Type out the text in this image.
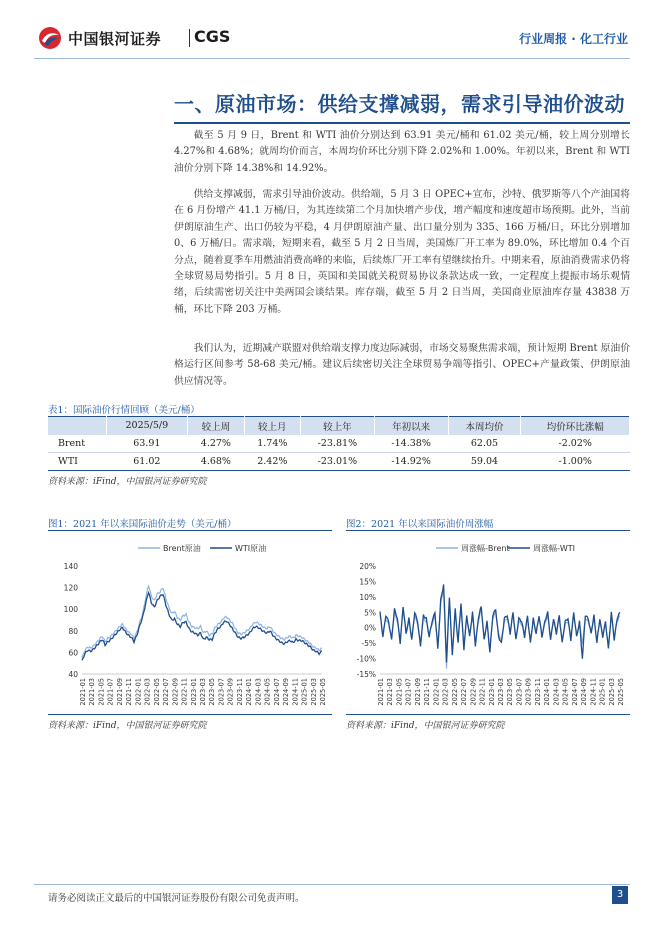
中国银河证券 CGS	行业周报 · 化工行业
一、原油市场：供给支撑减弱，需求引导油价波动

截至 5 月 9 日，Brent 和 WTI 油价分别达到 63.91 美元/桶和 61.02 美元/桶，较上周分别增长 4.27%和 4.68%；就周均价而言，本周均价环比分别下降 2.02%和 1.00%。年初以来，Brent 和 WTI 油价分别下降 14.38%和 14.92%。

供给支撑减弱，需求引导油价波动。供给端，5 月 3 日 OPEC+宣布，沙特、俄罗斯等八个产油国将在 6 月份增产 41.1 万桶/日，为其连续第二个月加快增产步伐，增产幅度和速度超市场预期。此外，当前伊朗原油生产、出口仍较为平稳，4 月伊朗原油产量、出口量分别为 335、166 万桶/日，环比分别增加 0、6 万桶/日。需求端，短期来看，截至 5 月 2 日当周，美国炼厂开工率为 89.0%，环比增加 0.4 个百分点，随着夏季车用燃油消费高峰的来临，后续炼厂开工率有望继续抬升。中期来看，原油消费需求仍将全球贸易局势指引。5 月 8 日，英国和美国就关税贸易协议条款达成一致，一定程度上提振市场乐观情绪，后续需密切关注中美两国会谈结果。库存端，截至 5 月 2 日当周，美国商业原油库存量 43838 万桶，环比下降 203 万桶。

我们认为，近期减产联盟对供给端支撑力度边际减弱，市场交易聚焦需求端，预计短期 Brent 原油价格运行区间参考 58-68 美元/桶。建议后续密切关注全球贸易争端等指引、OPEC+产量政策、伊朗原油供应情况等。

表1：国际油价行情回顾（美元/桶）
	2025/5/9	较上周	较上月	较上年	年初以来	本周均价	均价环比涨幅
Brent	63.91	4.27%	1.74%	-23.81%	-14.38%	62.05	-2.02%
WTI	61.02	4.68%	2.42%	-23.01%	-14.92%	59.04	-1.00%
资料来源：iFind，中国银河证券研究院
图1：2021 年以来国际油价走势（美元/桶）
Brent原油	WTI原油
40
60
80
100
120
140
2021-01 2021-03 2021-05 2021-07 2021-09 2021-11 2022-01 2022-03 2022-05 2022-07 2022-09 2022-11 2023-01 2023-03 2023-05 2023-07 2023-09 2023-11 2024-01 2024-03 2024-05 2024-07 2024-09 2024-11 2025-01 2025-03 2025-05
资料来源：iFind，中国银河证券研究院
图2：2021 年以来国际油价周涨幅
周涨幅-Brent	周涨幅-WTI
-15%
-10%
-5%
0%
5%
10%
15%
20%
2021-01 2021-03 2021-05 2021-07 2021-09 2021-11 2022-01 2022-03 2022-05 2022-07 2022-09 2022-11 2023-01 2023-03 2023-05 2023-07 2023-09 2023-11 2024-01 2024-03 2024-05 2024-07 2024-09 2024-11 2025-01 2025-03 2025-05
资料来源：iFind，中国银河证券研究院
请务必阅读正文最后的中国银河证券股份有限公司免责声明。	3
